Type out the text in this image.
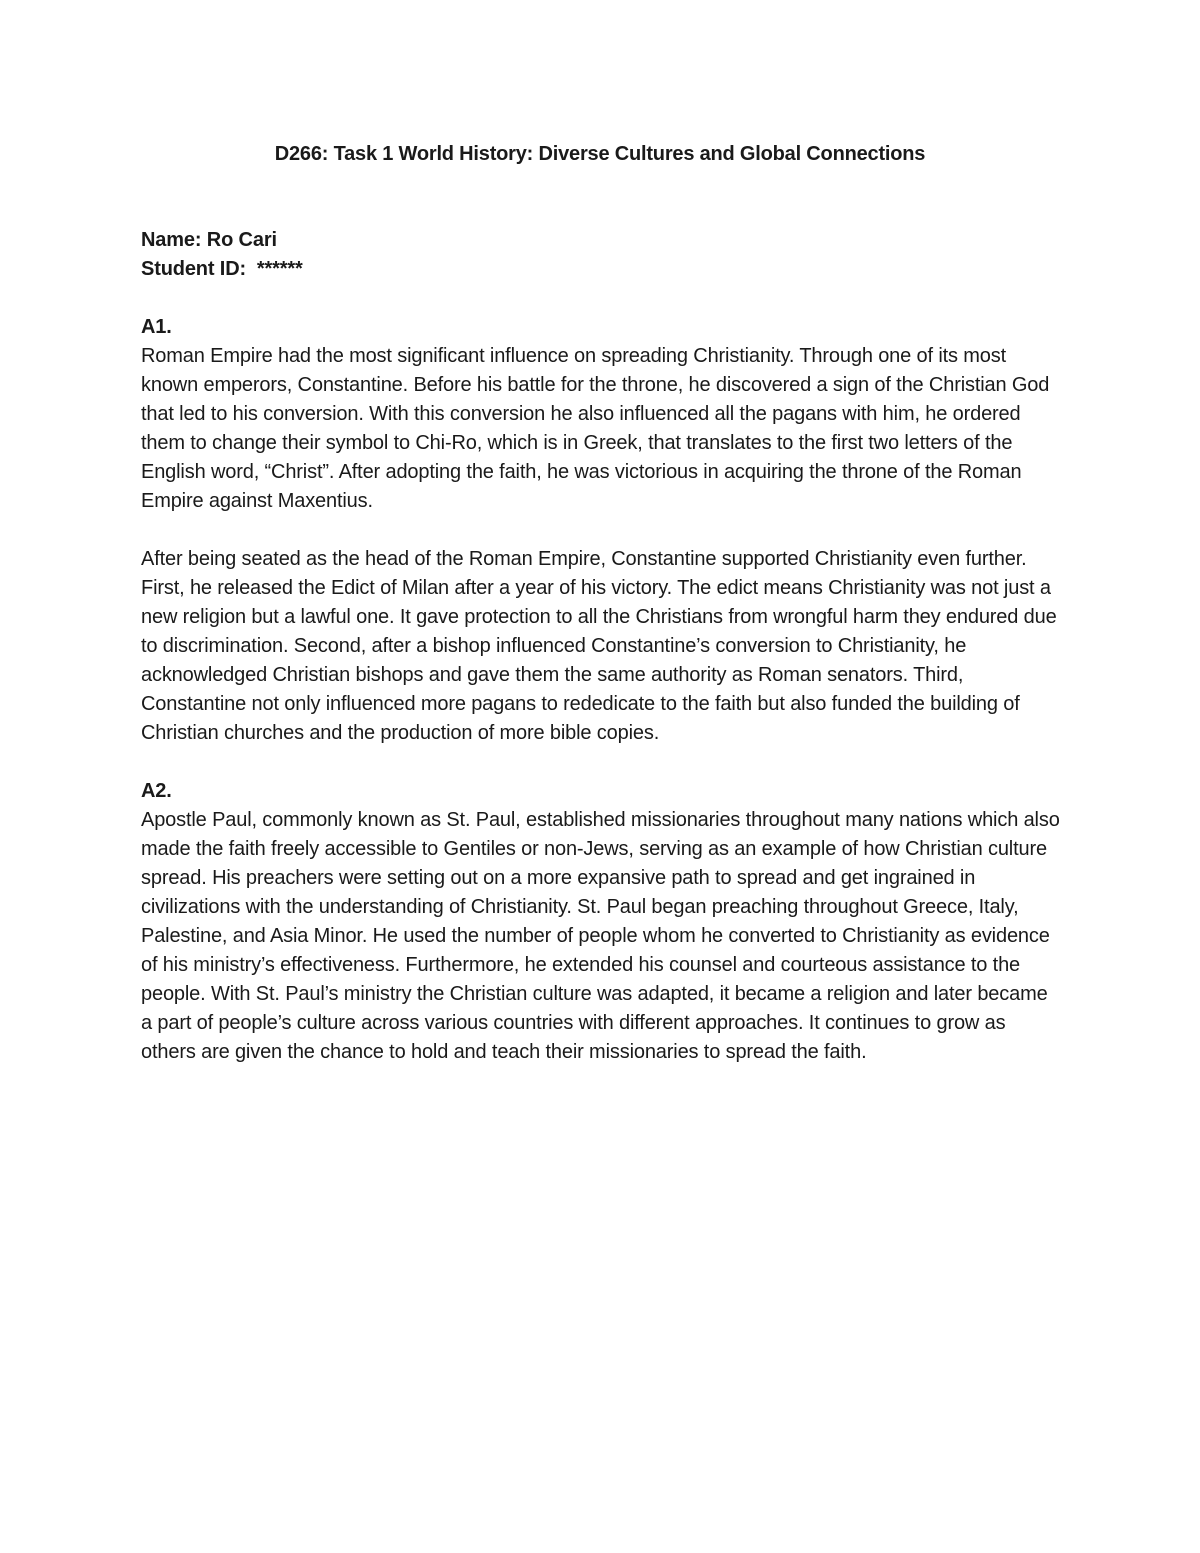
D266: Task 1 World History: Diverse Cultures and Global Connections

Name: Ro Cari

Student ID:  ******

A1.

Roman Empire had the most significant influence on spreading Christianity. Through one of its most known emperors, Constantine. Before his battle for the throne, he discovered a sign of the Christian God that led to his conversion. With this conversion he also influenced all the pagans with him, he ordered them to change their symbol to Chi-Ro, which is in Greek, that translates to the first two letters of the English word, “Christ”. After adopting the faith, he was victorious in acquiring the throne of the Roman Empire against Maxentius.

After being seated as the head of the Roman Empire, Constantine supported Christianity even further. First, he released the Edict of Milan after a year of his victory. The edict means Christianity was not just a new religion but a lawful one. It gave protection to all the Christians from wrongful harm they endured due to discrimination. Second, after a bishop influenced Constantine’s conversion to Christianity, he acknowledged Christian bishops and gave them the same authority as Roman senators. Third, Constantine not only influenced more pagans to rededicate to the faith but also funded the building of Christian churches and the production of more bible copies.

A2.

Apostle Paul, commonly known as St. Paul, established missionaries throughout many nations which also made the faith freely accessible to Gentiles or non-Jews, serving as an example of how Christian culture spread. His preachers were setting out on a more expansive path to spread and get ingrained in civilizations with the understanding of Christianity. St. Paul began preaching throughout Greece, Italy, Palestine, and Asia Minor. He used the number of people whom he converted to Christianity as evidence of his ministry’s effectiveness. Furthermore, he extended his counsel and courteous assistance to the people. With St. Paul’s ministry the Christian culture was adapted, it became a religion and later became a part of people’s culture across various countries with different approaches. It continues to grow as others are given the chance to hold and teach their missionaries to spread the faith.
